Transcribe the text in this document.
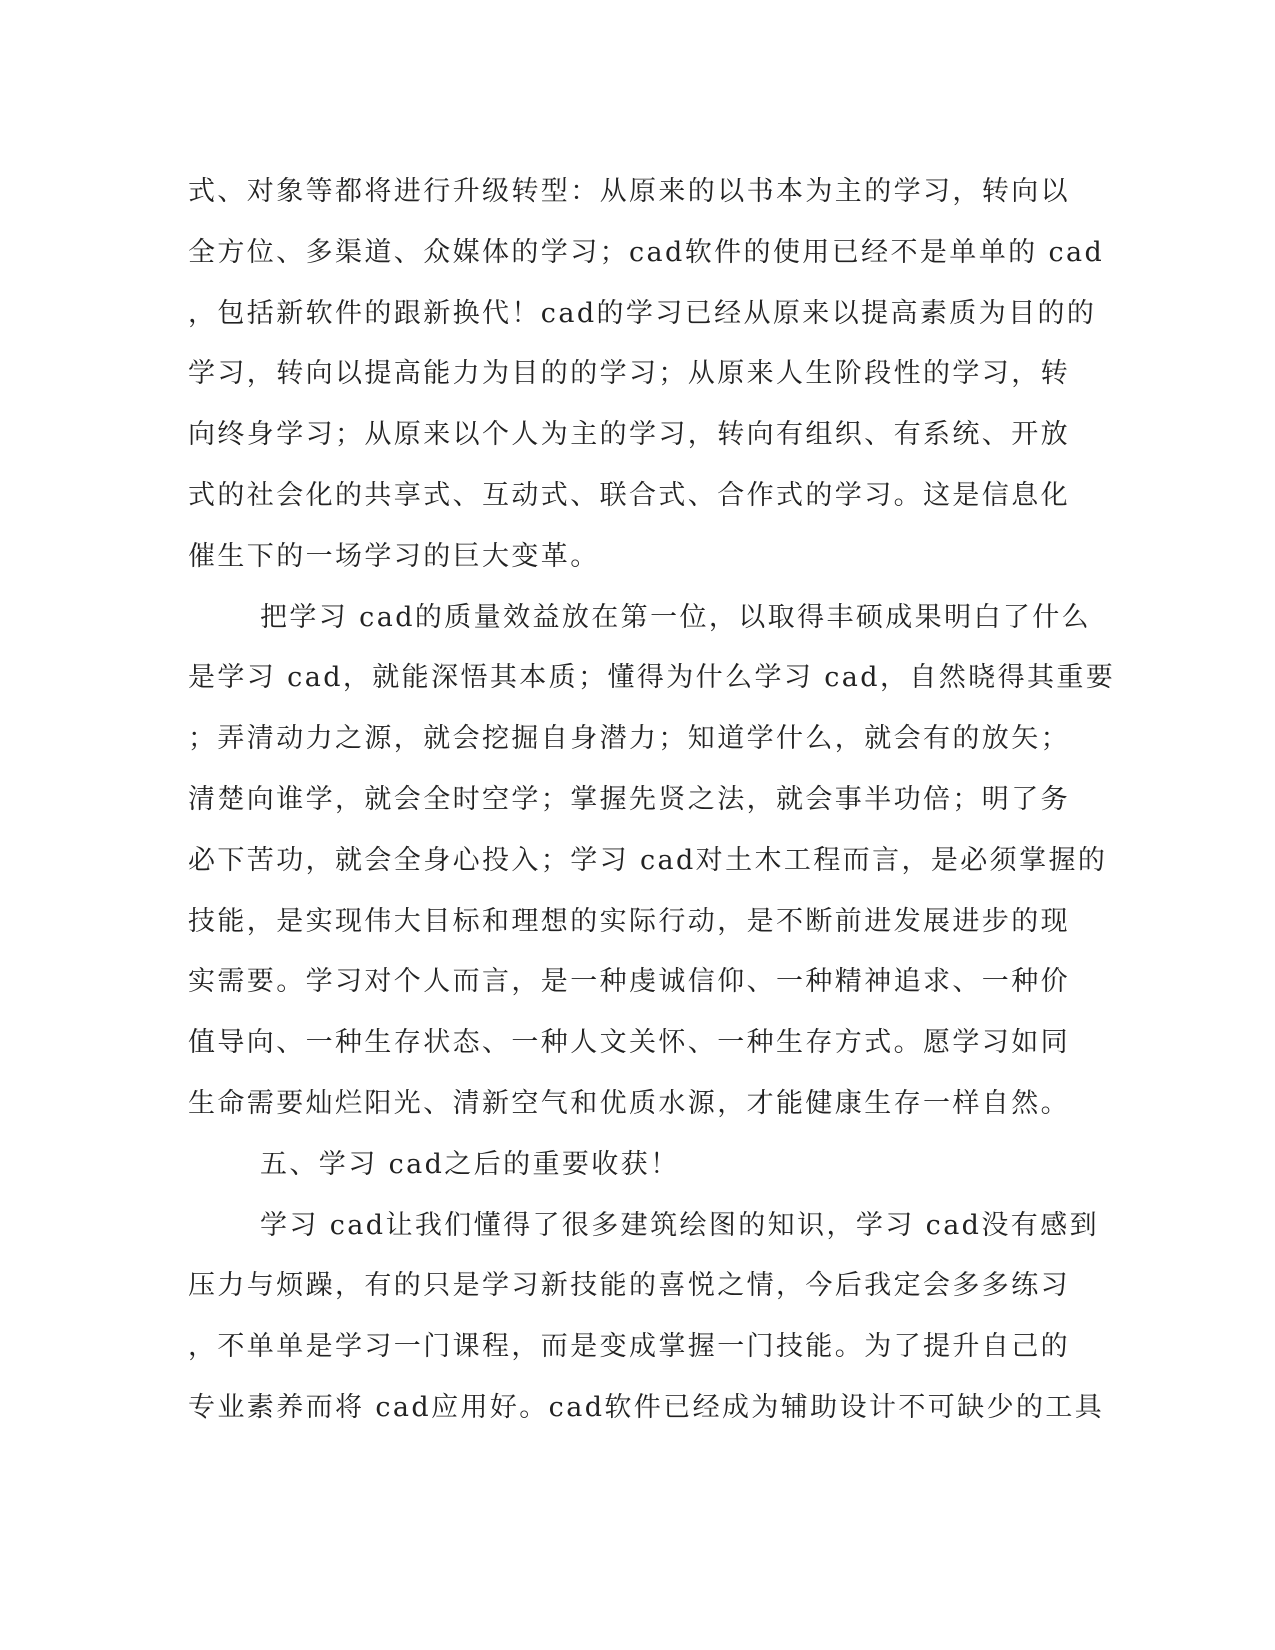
式、对象等都将进行升级转型：从原来的以书本为主的学习，转向以
全方位、多渠道、众媒体的学习；cad软件的使用已经不是单单的 cad
，包括新软件的跟新换代！cad的学习已经从原来以提高素质为目的的
学习，转向以提高能力为目的的学习；从原来人生阶段性的学习，转
向终身学习；从原来以个人为主的学习，转向有组织、有系统、开放
式的社会化的共享式、互动式、联合式、合作式的学习。这是信息化
催生下的一场学习的巨大变革。
把学习 cad的质量效益放在第一位，以取得丰硕成果明白了什么
是学习 cad，就能深悟其本质；懂得为什么学习 cad，自然晓得其重要
；弄清动力之源，就会挖掘自身潜力；知道学什么，就会有的放矢；
清楚向谁学，就会全时空学；掌握先贤之法，就会事半功倍；明了务
必下苦功，就会全身心投入；学习 cad对土木工程而言，是必须掌握的
技能，是实现伟大目标和理想的实际行动，是不断前进发展进步的现
实需要。学习对个人而言，是一种虔诚信仰、一种精神追求、一种价
值导向、一种生存状态、一种人文关怀、一种生存方式。愿学习如同
生命需要灿烂阳光、清新空气和优质水源，才能健康生存一样自然。
五、学习 cad之后的重要收获！
学习 cad让我们懂得了很多建筑绘图的知识，学习 cad没有感到
压力与烦躁，有的只是学习新技能的喜悦之情，今后我定会多多练习
，不单单是学习一门课程，而是变成掌握一门技能。为了提升自己的
专业素养而将 cad应用好。cad软件已经成为辅助设计不可缺少的工具
